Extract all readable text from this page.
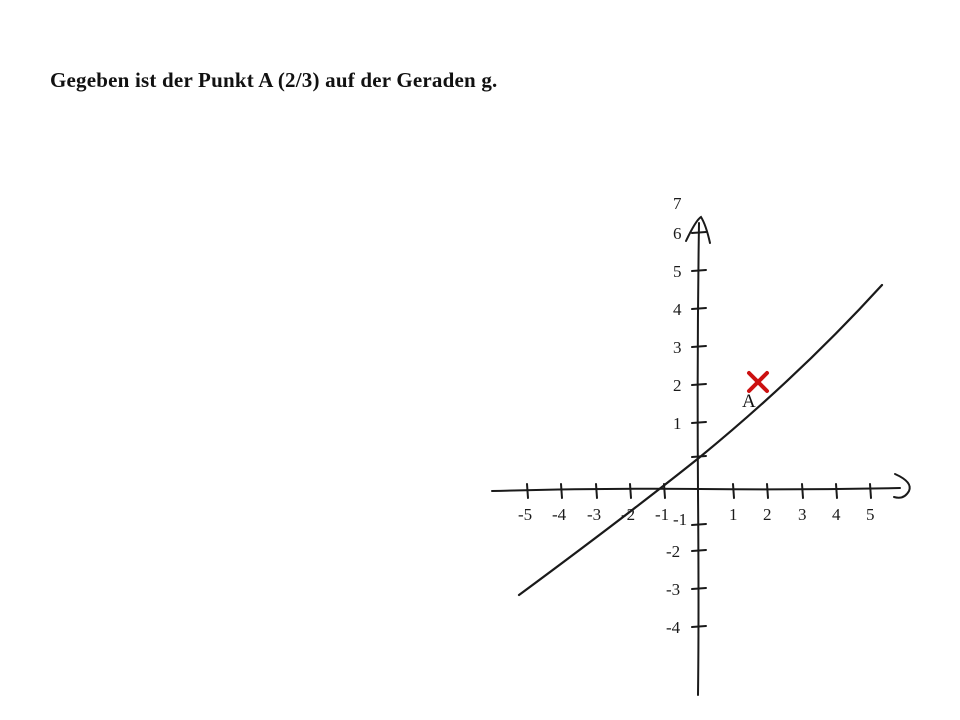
Gegeben ist der Punkt A (2/3) auf der Geraden g.
-5 -4 -3 -2 -1	1 2 3 4 5
-4
-3
-2
-1
1
2
3
4
5
6
7
A
